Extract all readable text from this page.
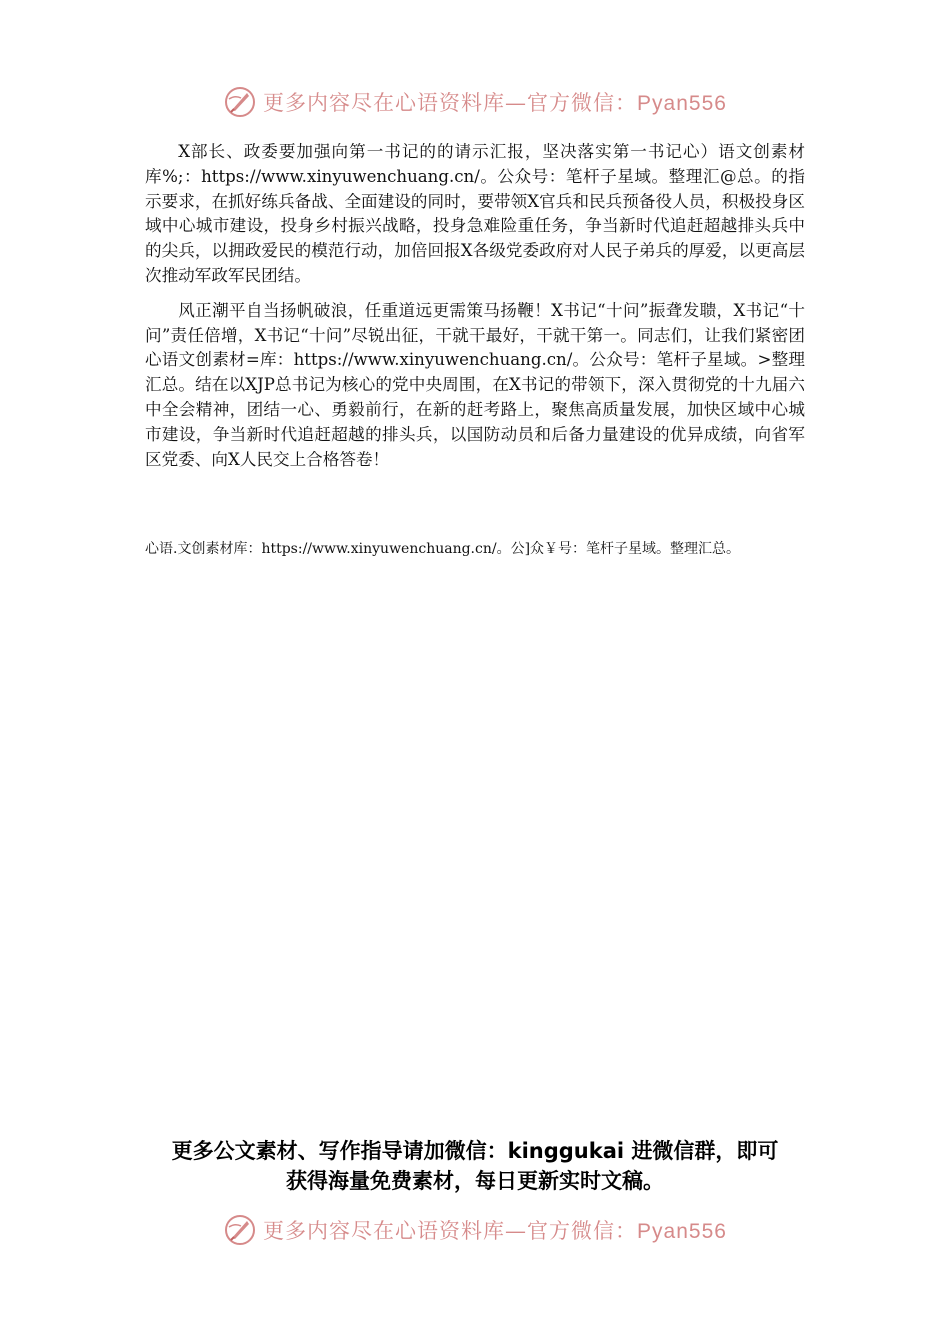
更多内容尽在心语资料库—官方微信：Pyan556

X部长、政委要加强向第一书记的的请示汇报，坚决落实第一书记心）语文创素材库%;：https://www.xinyuwenchuang.cn/。公众号：笔杆子星域。整理汇@总。的指示要求，在抓好练兵备战、全面建设的同时，要带领X官兵和民兵预备役人员，积极投身区域中心城市建设，投身乡村振兴战略，投身急难险重任务，争当新时代追赶超越排头兵中的尖兵，以拥政爱民的模范行动，加倍回报X各级党委政府对人民子弟兵的厚爱，以更高层次推动军政军民团结。

风正潮平自当扬帆破浪，任重道远更需策马扬鞭！X书记“十问”振聋发聩，X书记“十问”责任倍增，X书记“十问”尽锐出征，干就干最好，干就干第一。同志们，让我们紧密团心语文创素材=库：https://www.xinyuwenchuang.cn/。公众号：笔杆子星域。>整理汇总。结在以XJP总书记为核心的党中央周围，在X书记的带领下，深入贯彻党的十九届六中全会精神，团结一心、勇毅前行，在新的赶考路上，聚焦高质量发展，加快区域中心城市建设，争当新时代追赶超越的排头兵，以国防动员和后备力量建设的优异成绩，向省军区党委、向X人民交上合格答卷！

心语.文创素材库：https://www.xinyuwenchuang.cn/。公]众￥号：笔杆子星域。整理汇总。
更多公文素材、写作指导请加微信：kinggukai 进微信群，即可
获得海量免费素材，每日更新实时文稿。
更多内容尽在心语资料库—官方微信：Pyan556
